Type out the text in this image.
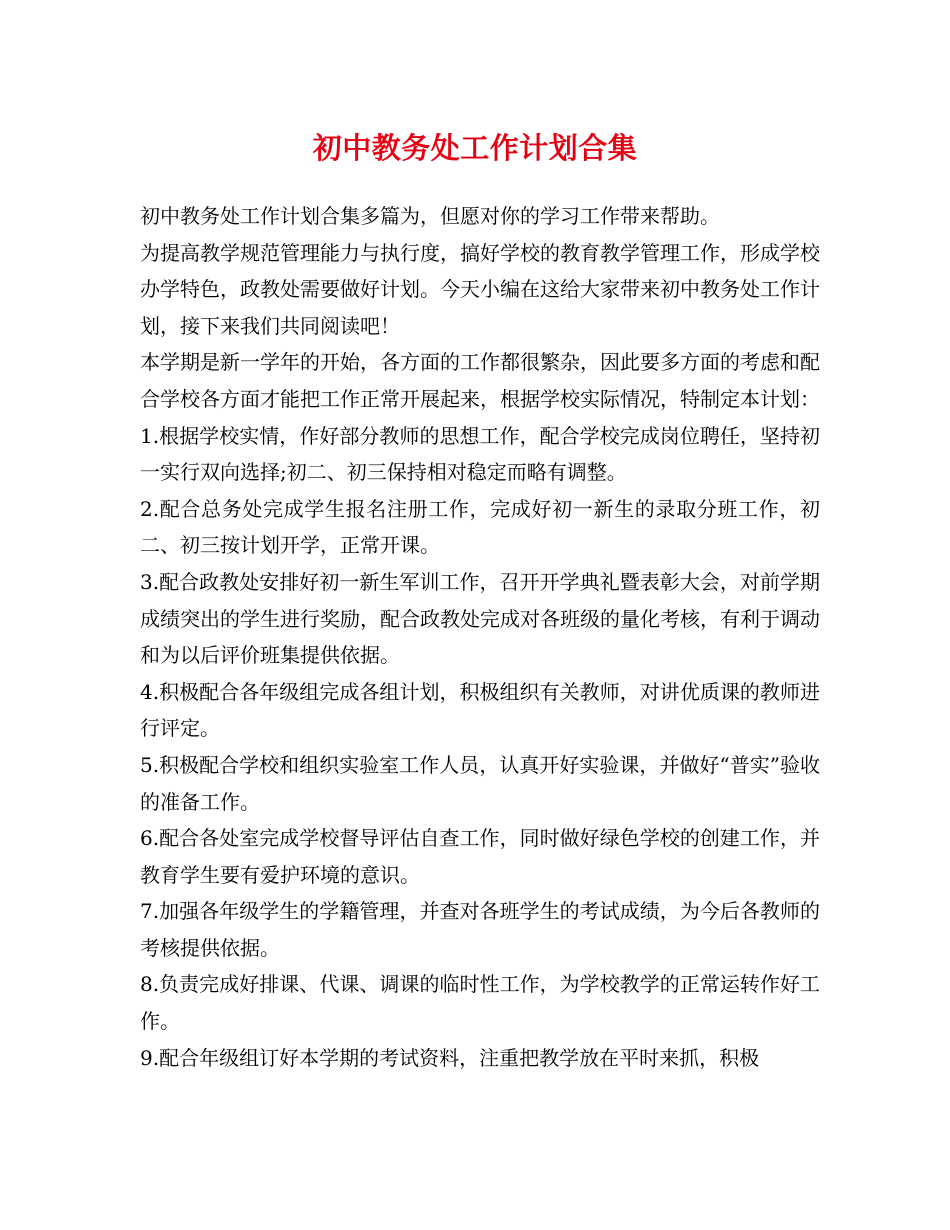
初中教务处工作计划合集

初中教务处工作计划合集多篇为，但愿对你的学习工作带来帮助。

为提高教学规范管理能力与执行度，搞好学校的教育教学管理工作，形成学校办学特色，政教处需要做好计划。今天小编在这给大家带来初中教务处工作计划，接下来我们共同阅读吧！

本学期是新一学年的开始，各方面的工作都很繁杂，因此要多方面的考虑和配合学校各方面才能把工作正常开展起来，根据学校实际情况，特制定本计划：

1.根据学校实情，作好部分教师的思想工作，配合学校完成岗位聘任，坚持初一实行双向选择;初二、初三保持相对稳定而略有调整。

2.配合总务处完成学生报名注册工作，完成好初一新生的录取分班工作，初二、初三按计划开学，正常开课。

3.配合政教处安排好初一新生军训工作，召开开学典礼暨表彰大会，对前学期成绩突出的学生进行奖励，配合政教处完成对各班级的量化考核，有利于调动和为以后评价班集提供依据。

4.积极配合各年级组完成各组计划，积极组织有关教师，对讲优质课的教师进行评定。

5.积极配合学校和组织实验室工作人员，认真开好实验课，并做好“普实”验收的准备工作。

6.配合各处室完成学校督导评估自查工作，同时做好绿色学校的创建工作，并教育学生要有爱护环境的意识。

7.加强各年级学生的学籍管理，并查对各班学生的考试成绩，为今后各教师的考核提供依据。

8.负责完成好排课、代课、调课的临时性工作，为学校教学的正常运转作好工作。

9.配合年级组订好本学期的考试资料，注重把教学放在平时来抓，积极
